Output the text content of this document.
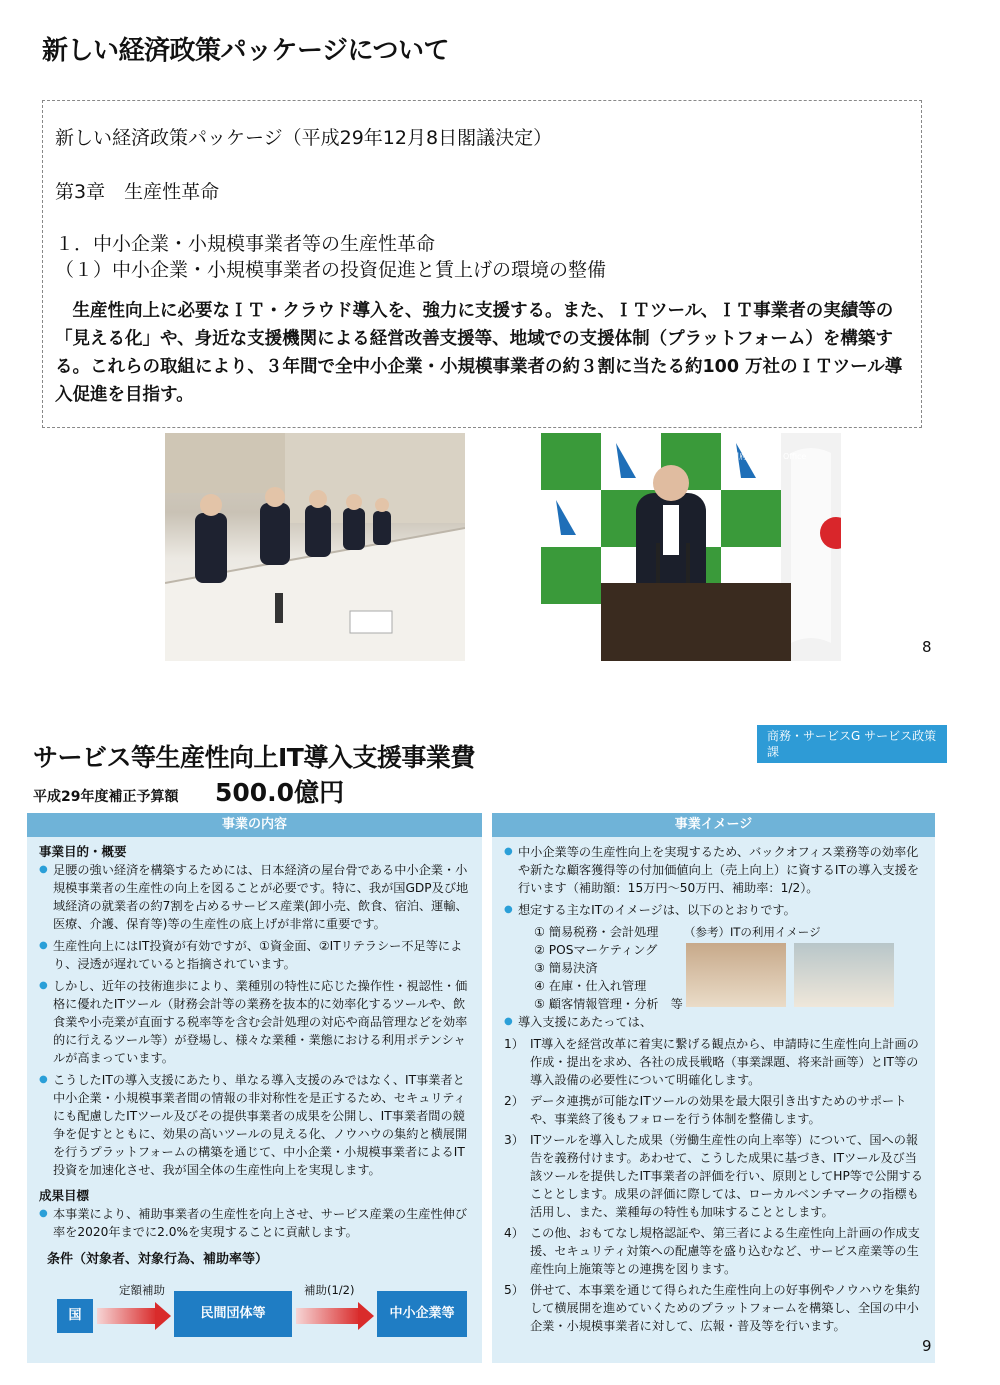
新しい経済政策パッケージについて
新しい経済政策パッケージ（平成29年12月8日閣議決定）
第3章　生産性革命
１．中小企業・小規模事業者等の生産性革命
（１）中小企業・小規模事業者の投資促進と賃上げの環境の整備
　生産性向上に必要なＩＴ・クラウド導入を、強力に支援する。また、ＩＴツール、ＩＴ事業者の実績等の「見える化」や、身近な支援機関による経営改善支援等、地域での支援体制（プラットフォーム）を構築する。これらの取組により、３年間で全中小企業・小規模事業者の約３割に当たる約100 万社のＩＴツール導入促進を目指す。
内閣府 Cabinet Office
8
商務・サービスG サービス政策課
03-3580-3922
サービス等生産性向上IT導入支援事業費
平成29年度補正予算額 500.0億円
事業の内容
事業目的・概要
● 足腰の強い経済を構築するためには、日本経済の屋台骨である中小企業・小規模事業者の生産性の向上を図ることが必要です。特に、我が国GDP及び地域経済の就業者の約7割を占めるサービス産業(卸小売、飲食、宿泊、運輸、医療、介護、保育等)等の生産性の底上げが非常に重要です。
● 生産性向上にはIT投資が有効ですが、①資金面、②ITリテラシー不足等により、浸透が遅れていると指摘されています。
● しかし、近年の技術進歩により、業種別の特性に応じた操作性・視認性・価格に優れたITツール（財務会計等の業務を抜本的に効率化するツールや、飲食業や小売業が直面する税率等を含む会計処理の対応や商品管理などを効率的に行えるツール等）が登場し、様々な業種・業態における利用ポテンシャルが高まっています。
● こうしたITの導入支援にあたり、単なる導入支援のみではなく、IT事業者と中小企業・小規模事業者間の情報の非対称性を是正するため、セキュリティにも配慮したITツール及びその提供事業者の成果を公開し、IT事業者間の競争を促すとともに、効果の高いツールの見える化、ノウハウの集約と横展開を行うプラットフォームの構築を通じて、中小企業・小規模事業者によるIT投資を加速化させ、我が国全体の生産性向上を実現します。
成果目標
● 本事業により、補助事業者の生産性を向上させ、サービス産業の生産性伸び率を2020年までに2.0%を実現することに貢献します。
条件（対象者、対象行為、補助率等）
国
定額補助
民間団体等
補助(1/2)
中小企業等
事業イメージ
● 中小企業等の生産性向上を実現するため、バックオフィス業務等の効率化や新たな顧客獲得等の付加価値向上（売上向上）に資するITの導入支援を行います（補助額：15万円〜50万円、補助率：1/2）。
● 想定する主なITのイメージは、以下のとおりです。
① 簡易税務・会計処理
② POSマーケティング
③ 簡易決済
④ 在庫・仕入れ管理
⑤ 顧客情報管理・分析　等
（参考）ITの利用イメージ
● 導入支援にあたっては、
1） IT導入を経営改革に着実に繋げる観点から、申請時に生産性向上計画の作成・提出を求め、各社の成長戦略（事業課題、将来計画等）とIT等の導入設備の必要性について明確化します。
2） データ連携が可能なITツールの効果を最大限引き出すためのサポートや、事業終了後もフォローを行う体制を整備します。
3） ITツールを導入した成果（労働生産性の向上率等）について、国への報告を義務付けます。あわせて、こうした成果に基づき、ITツール及び当該ツールを提供したIT事業者の評価を行い、原則としてHP等で公開することとします。成果の評価に際しては、ローカルベンチマークの指標も活用し、また、業種毎の特性も加味することとします。
4） この他、おもてなし規格認証や、第三者による生産性向上計画の作成支援、セキュリティ対策への配慮等を盛り込むなど、サービス産業等の生産性向上施策等との連携を図ります。
5） 併せて、本事業を通じて得られた生産性向上の好事例やノウハウを集約して横展開を進めていくためのプラットフォームを構築し、全国の中小企業・小規模事業者に対して、広報・普及等を行います。
9
